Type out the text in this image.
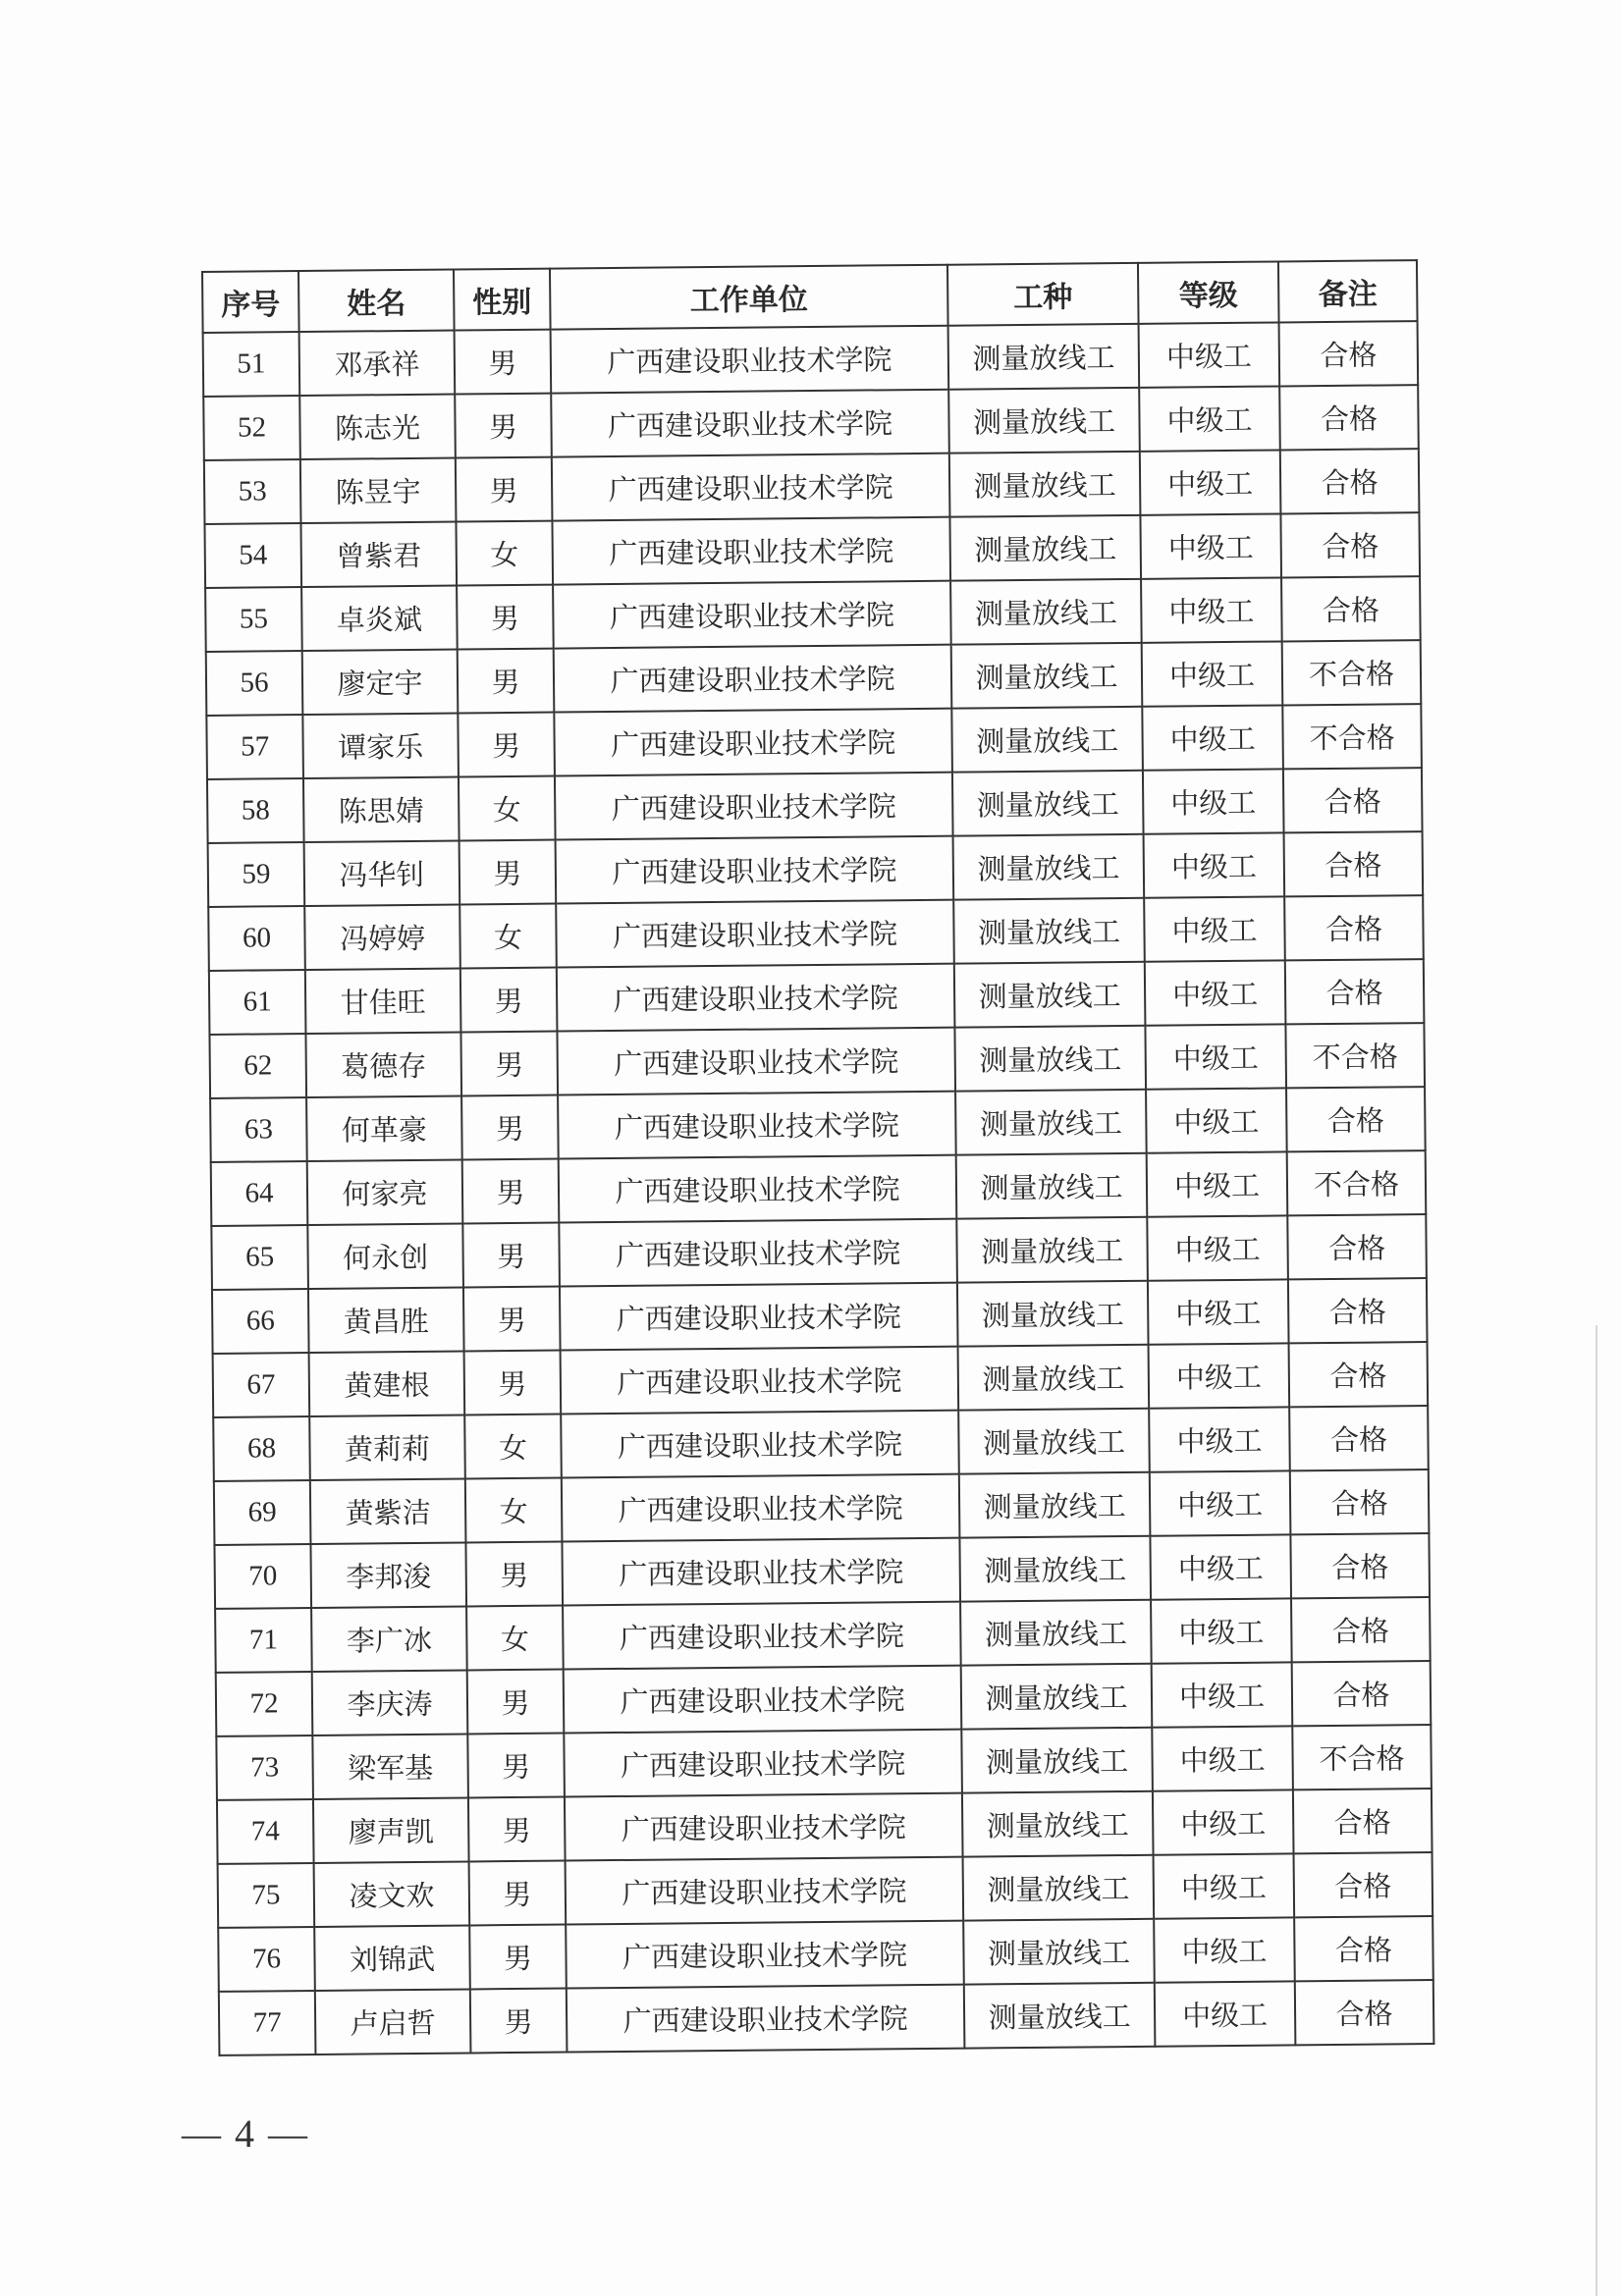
序号	姓名	性别	工作单位	工种	等级	备注
51	邓承祥	男	广西建设职业技术学院	测量放线工	中级工	合格
52	陈志光	男	广西建设职业技术学院	测量放线工	中级工	合格
53	陈昱宇	男	广西建设职业技术学院	测量放线工	中级工	合格
54	曾紫君	女	广西建设职业技术学院	测量放线工	中级工	合格
55	卓炎斌	男	广西建设职业技术学院	测量放线工	中级工	合格
56	廖定宇	男	广西建设职业技术学院	测量放线工	中级工	不合格
57	谭家乐	男	广西建设职业技术学院	测量放线工	中级工	不合格
58	陈思婧	女	广西建设职业技术学院	测量放线工	中级工	合格
59	冯华钊	男	广西建设职业技术学院	测量放线工	中级工	合格
60	冯婷婷	女	广西建设职业技术学院	测量放线工	中级工	合格
61	甘佳旺	男	广西建设职业技术学院	测量放线工	中级工	合格
62	葛德存	男	广西建设职业技术学院	测量放线工	中级工	不合格
63	何革豪	男	广西建设职业技术学院	测量放线工	中级工	合格
64	何家亮	男	广西建设职业技术学院	测量放线工	中级工	不合格
65	何永创	男	广西建设职业技术学院	测量放线工	中级工	合格
66	黄昌胜	男	广西建设职业技术学院	测量放线工	中级工	合格
67	黄建根	男	广西建设职业技术学院	测量放线工	中级工	合格
68	黄莉莉	女	广西建设职业技术学院	测量放线工	中级工	合格
69	黄紫洁	女	广西建设职业技术学院	测量放线工	中级工	合格
70	李邦浚	男	广西建设职业技术学院	测量放线工	中级工	合格
71	李广冰	女	广西建设职业技术学院	测量放线工	中级工	合格
72	李庆涛	男	广西建设职业技术学院	测量放线工	中级工	合格
73	梁军基	男	广西建设职业技术学院	测量放线工	中级工	不合格
74	廖声凯	男	广西建设职业技术学院	测量放线工	中级工	合格
75	凌文欢	男	广西建设职业技术学院	测量放线工	中级工	合格
76	刘锦武	男	广西建设职业技术学院	测量放线工	中级工	合格
77	卢启哲	男	广西建设职业技术学院	测量放线工	中级工	合格
— 4 —
